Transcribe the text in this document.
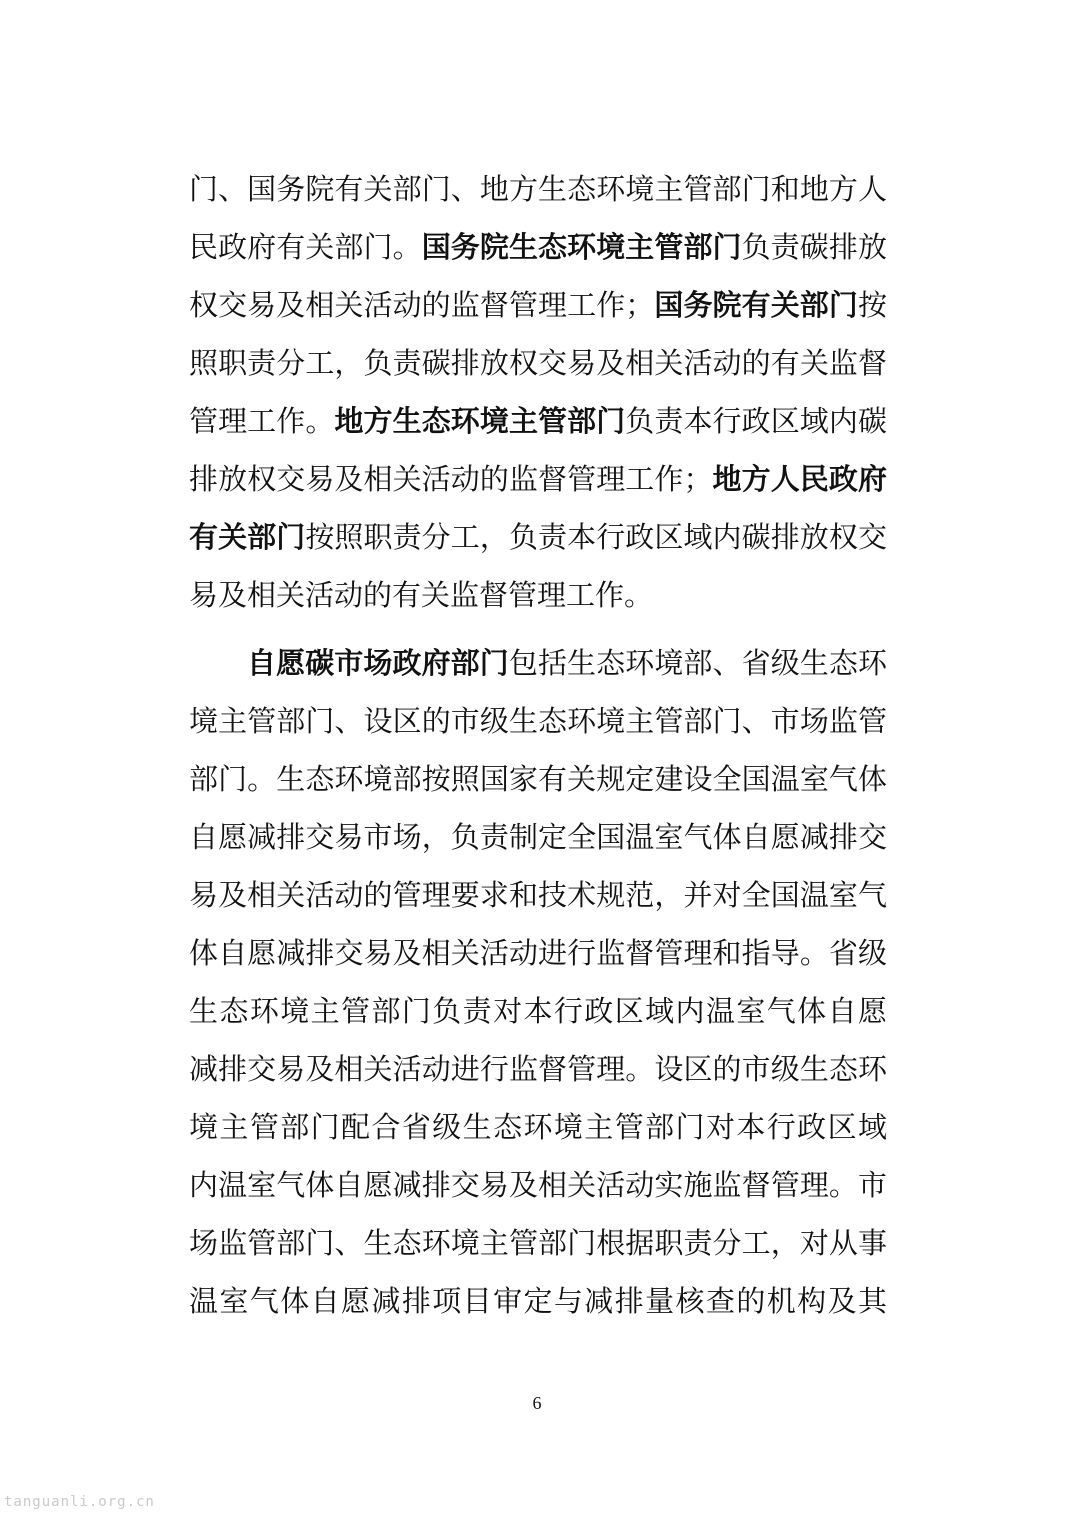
门、国务院有关部门、地方生态环境主管部门和地方人
民政府有关部门。国务院生态环境主管部门负责碳排放
权交易及相关活动的监督管理工作；国务院有关部门按
照职责分工，负责碳排放权交易及相关活动的有关监督
管理工作。地方生态环境主管部门负责本行政区域内碳
排放权交易及相关活动的监督管理工作；地方人民政府
有关部门按照职责分工，负责本行政区域内碳排放权交
易及相关活动的有关监督管理工作。
自愿碳市场政府部门包括生态环境部、省级生态环
境主管部门、设区的市级生态环境主管部门、市场监管
部门。生态环境部按照国家有关规定建设全国温室气体
自愿减排交易市场，负责制定全国温室气体自愿减排交
易及相关活动的管理要求和技术规范，并对全国温室气
体自愿减排交易及相关活动进行监督管理和指导。省级
生态环境主管部门负责对本行政区域内温室气体自愿
减排交易及相关活动进行监督管理。设区的市级生态环
境主管部门配合省级生态环境主管部门对本行政区域
内温室气体自愿减排交易及相关活动实施监督管理。市
场监管部门、生态环境主管部门根据职责分工，对从事
温室气体自愿减排项目审定与减排量核查的机构及其
6
tanguanli.org.cn
